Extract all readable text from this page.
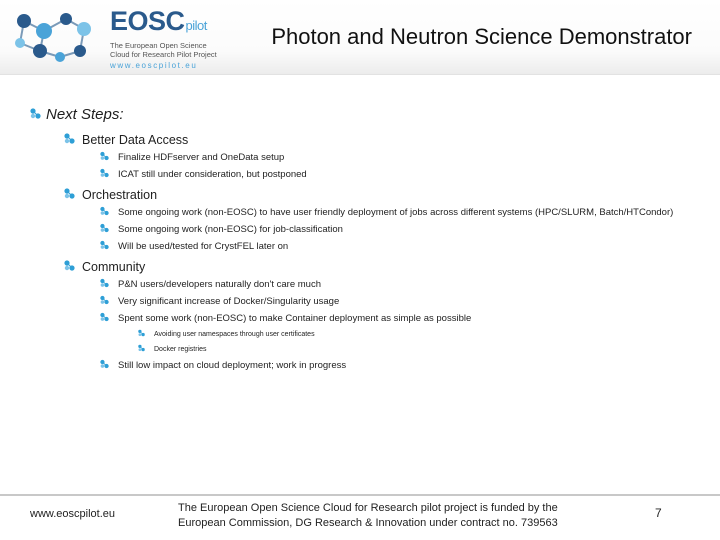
EOSCpilot
The European Open Science
Cloud for Research Pilot Project
www.eoscpilot.eu
Photon and Neutron Science Demonstrator
Next Steps:
Better Data Access
Finalize HDFserver and OneData setup
ICAT still under consideration, but postponed
Orchestration
Some ongoing work (non-EOSC) to have user friendly deployment of jobs across different systems (HPC/SLURM, Batch/HTCondor)
Some ongoing work (non-EOSC) for job-classification
Will be used/tested for CrystFEL later on
Community
P&N users/developers naturally don't care much
Very significant increase of Docker/Singularity usage
Spent some work (non-EOSC) to make Container deployment as simple as possible
Avoiding user namespaces through user certificates
Docker registries
Still low impact on cloud deployment; work in progress
www.eoscpilot.eu	The European Open Science Cloud for Research pilot project is funded by the
European Commission, DG Research & Innovation under contract no. 739563
7
